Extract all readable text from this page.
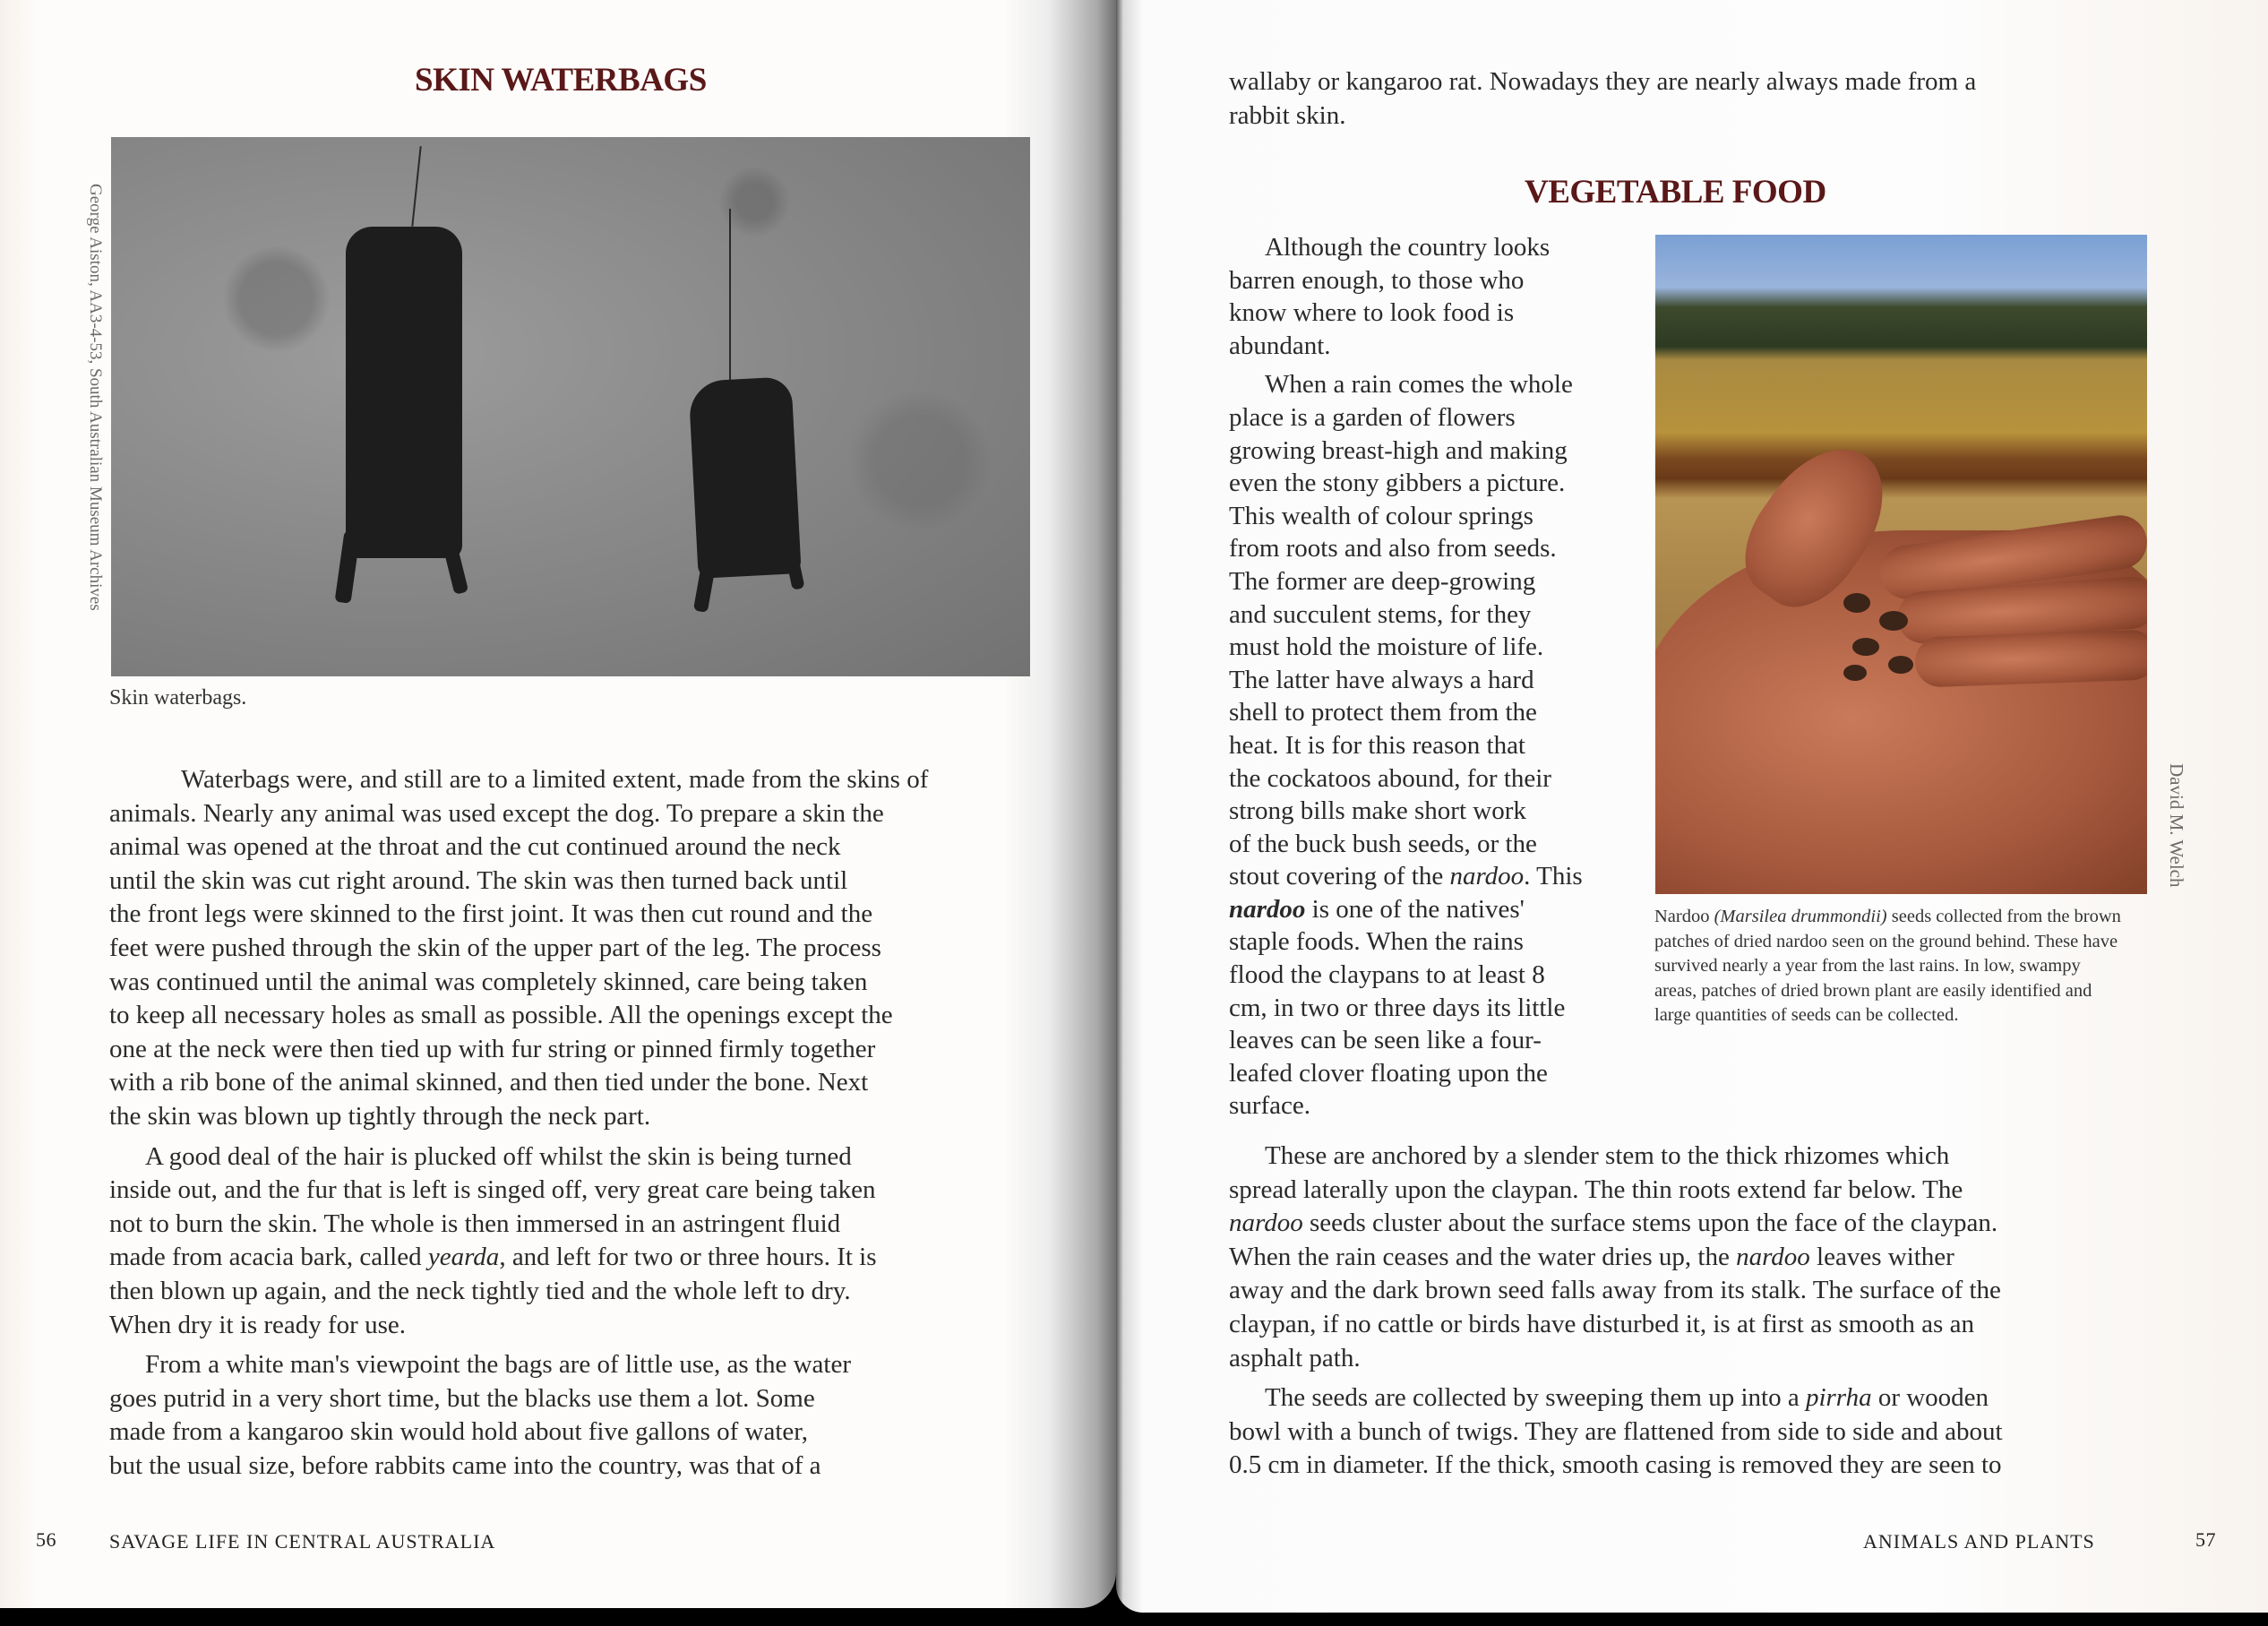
SKIN WATERBAGS
George Aiston, AA3-4-53, South Australian Museum Archives
Skin waterbags.
Waterbags were, and still are to a limited extent, made from the skins of
animals. Nearly any animal was used except the dog. To prepare a skin the
animal was opened at the throat and the cut continued around the neck
until the skin was cut right around. The skin was then turned back until
the front legs were skinned to the first joint. It was then cut round and the
feet were pushed through the skin of the upper part of the leg. The process
was continued until the animal was completely skinned, care being taken
to keep all necessary holes as small as possible. All the openings except the
one at the neck were then tied up with fur string or pinned firmly together
with a rib bone of the animal skinned, and then tied under the bone. Next
the skin was blown up tightly through the neck part.
A good deal of the hair is plucked off whilst the skin is being turned
inside out, and the fur that is left is singed off, very great care being taken
not to burn the skin. The whole is then immersed in an astringent fluid
made from acacia bark, called yearda, and left for two or three hours. It is
then blown up again, and the neck tightly tied and the whole left to dry.
When dry it is ready for use.
From a white man's viewpoint the bags are of little use, as the water
goes putrid in a very short time, but the blacks use them a lot. Some
made from a kangaroo skin would hold about five gallons of water,
but the usual size, before rabbits came into the country, was that of a
56	SAVAGE LIFE IN CENTRAL AUSTRALIA
wallaby or kangaroo rat. Nowadays they are nearly always made from a
rabbit skin.
VEGETABLE FOOD
Although the country looks
barren enough, to those who
know where to look food is
abundant.
When a rain comes the whole
place is a garden of flowers
growing breast-high and making
even the stony gibbers a picture.
This wealth of colour springs
from roots and also from seeds.
The former are deep-growing
and succulent stems, for they
must hold the moisture of life.
The latter have always a hard
shell to protect them from the
heat. It is for this reason that
the cockatoos abound, for their
strong bills make short work
of the buck bush seeds, or the
stout covering of the nardoo. This
nardoo is one of the natives'
staple foods. When the rains
flood the claypans to at least 8
cm, in two or three days its little
leaves can be seen like a four-
leafed clover floating upon the
surface.
David M. Welch
Nardoo (Marsilea drummondii) seeds collected from the brown patches of dried nardoo seen on the ground behind. These have survived nearly a year from the last rains. In low, swampy areas, patches of dried brown plant are easily identified and large quantities of seeds can be collected.
These are anchored by a slender stem to the thick rhizomes which
spread laterally upon the claypan. The thin roots extend far below. The
nardoo seeds cluster about the surface stems upon the face of the claypan.
When the rain ceases and the water dries up, the nardoo leaves wither
away and the dark brown seed falls away from its stalk. The surface of the
claypan, if no cattle or birds have disturbed it, is at first as smooth as an
asphalt path.
The seeds are collected by sweeping them up into a pirrha or wooden
bowl with a bunch of twigs. They are flattened from side to side and about
0.5 cm in diameter. If the thick, smooth casing is removed they are seen to
ANIMALS AND PLANTS	57
